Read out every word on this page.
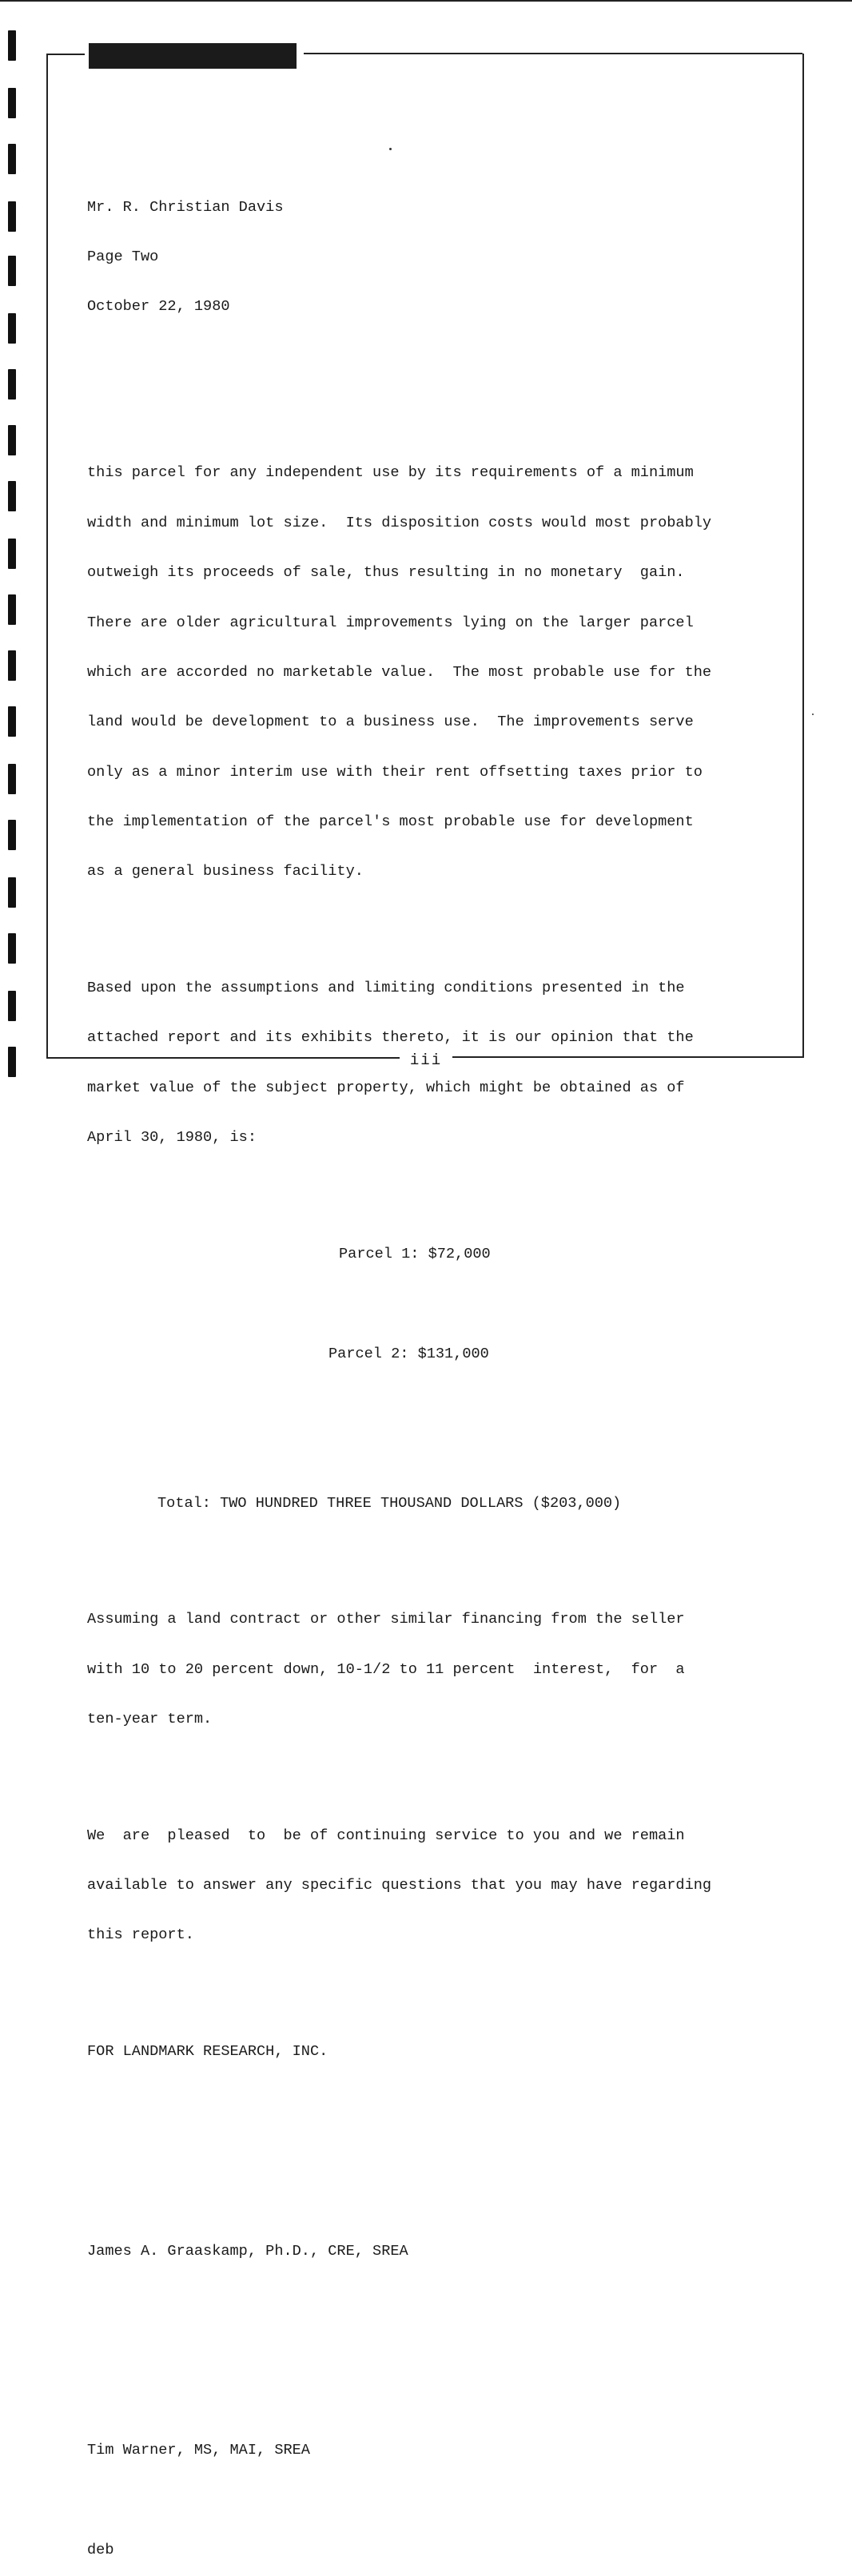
Mr. R. Christian Davis

Page Two

October 22, 1980

this parcel for any independent use by its requirements of a minimum

width and minimum lot size.  Its disposition costs would most probably

outweigh its proceeds of sale, thus resulting in no monetary  gain.

There are older agricultural improvements lying on the larger parcel

which are accorded no marketable value.  The most probable use for the

land would be development to a business use.  The improvements serve

only as a minor interim use with their rent offsetting taxes prior to

the implementation of the parcel's most probable use for development

as a general business facility.

Based upon the assumptions and limiting conditions presented in the

attached report and its exhibits thereto, it is our opinion that the

market value of the subject property, which might be obtained as of

April 30, 1980, is:

Parcel 1: $72,000

Parcel 2: $131,000

Total: TWO HUNDRED THREE THOUSAND DOLLARS ($203,000)

Assuming a land contract or other similar financing from the seller

with 10 to 20 percent down, 10-1/2 to 11 percent  interest,  for  a

ten-year term.

We  are  pleased  to  be of continuing service to you and we remain

available to answer any specific questions that you may have regarding

this report.

FOR LANDMARK RESEARCH, INC.

James A. Graaskamp, Ph.D., CRE, SREA

Tim Warner, MS, MAI, SREA

deb

iii
